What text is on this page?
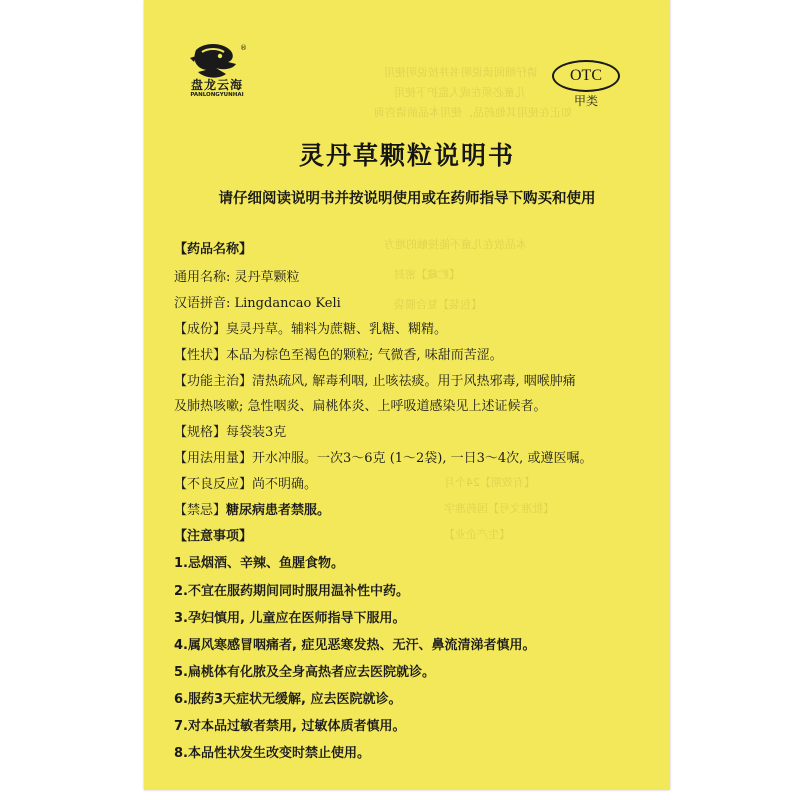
请仔细阅读说明书并按说明使用
儿童必须在成人监护下使用
如正在使用其他药品，使用本品前请咨询
本品放在儿童不能接触的地方
【贮藏】密封
【包装】复合膜袋
【有效期】24个月
【批准文号】国药准字
【生产企业】
®
盘龙云海
PANLONGYUNHAI
OTC
甲类
灵丹草颗粒说明书
请仔细阅读说明书并按说明使用或在药师指导下购买和使用
【药品名称】
通用名称: 灵丹草颗粒
汉语拼音: Lingdancao Keli
【成份】臭灵丹草。辅料为蔗糖、乳糖、糊精。
【性状】本品为棕色至褐色的颗粒; 气微香, 味甜而苦涩。
【功能主治】清热疏风, 解毒利咽, 止咳祛痰。用于风热邪毒, 咽喉肿痛
及肺热咳嗽; 急性咽炎、扁桃体炎、上呼吸道感染见上述证候者。
【规格】每袋装3克
【用法用量】开水冲服。一次3～6克 (1～2袋), 一日3～4次, 或遵医嘱。
【不良反应】尚不明确。
【禁忌】糖尿病患者禁服。
【注意事项】
1.忌烟酒、辛辣、鱼腥食物。
2.不宜在服药期间同时服用温补性中药。
3.孕妇慎用, 儿童应在医师指导下服用。
4.属风寒感冒咽痛者, 症见恶寒发热、无汗、鼻流清涕者慎用。
5.扁桃体有化脓及全身高热者应去医院就诊。
6.服药3天症状无缓解, 应去医院就诊。
7.对本品过敏者禁用, 过敏体质者慎用。
8.本品性状发生改变时禁止使用。
